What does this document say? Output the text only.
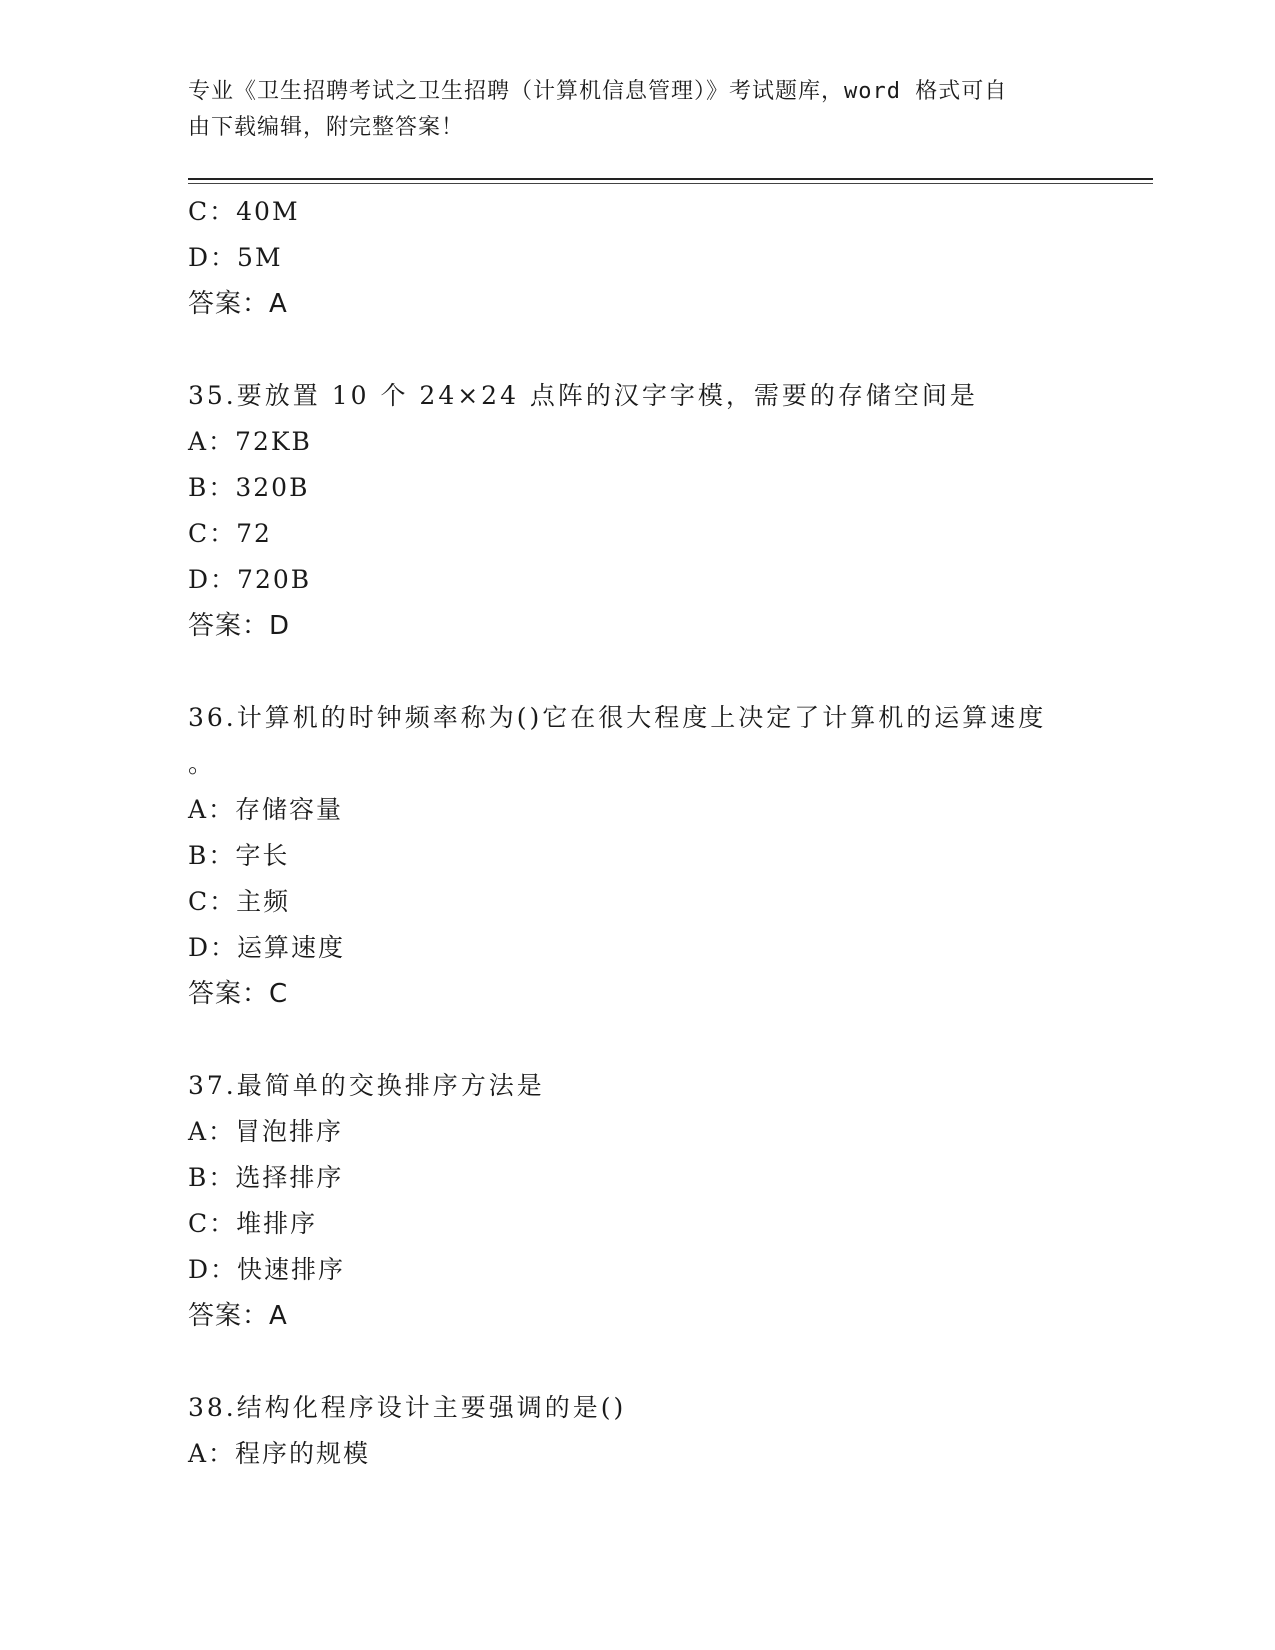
专业《卫生招聘考试之卫生招聘（计算机信息管理）》考试题库，word 格式可自
由下载编辑，附完整答案！
C：40M
D：5M
答案：A
35.要放置 10 个 24×24 点阵的汉字字模，需要的存储空间是
A：72KB
B：320B
C：72
D：720B
答案：D
36.计算机的时钟频率称为()它在很大程度上决定了计算机的运算速度
。
A：存储容量
B：字长
C：主频
D：运算速度
答案：C
37.最简单的交换排序方法是
A：冒泡排序
B：选择排序
C：堆排序
D：快速排序
答案：A
38.结构化程序设计主要强调的是()
A：程序的规模
